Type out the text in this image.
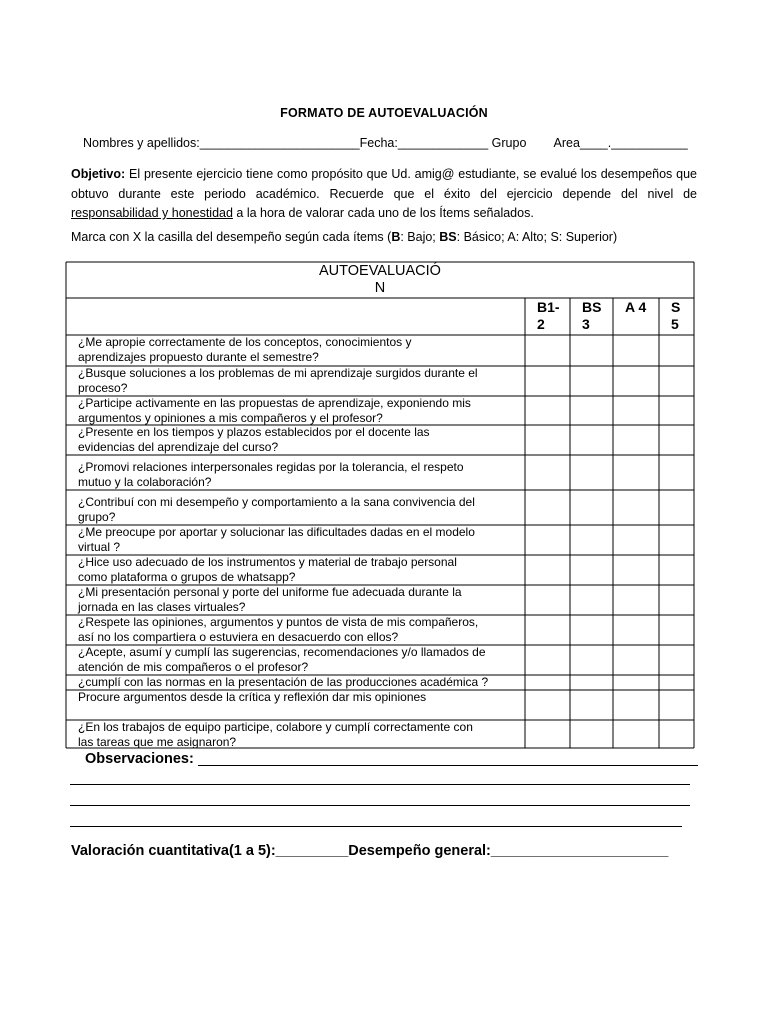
FORMATO DE AUTOEVALUACIÓN
Nombres y apellidos:_______________________Fecha:_____________ Grupo        Area____.___________
Objetivo: El presente ejercicio tiene como propósito que Ud. amig@ estudiante, se evalué los desempeños que obtuvo durante este periodo académico. Recuerde que el éxito del ejercicio depende del nivel de responsabilidad y honestidad a la hora de valorar cada uno de los Ítems señalados.
Marca con X la casilla del desempeño según cada ítems (B: Bajo; BS: Básico; A: Alto; S: Superior)
AUTOEVALUACIÓ
N
B1-
2
BS
3
A 4 S
5
¿Me apropie correctamente de los conceptos, conocimientos y
aprendizajes propuesto durante el semestre?
¿Busque soluciones a los problemas de mi aprendizaje surgidos durante el
proceso?
¿Participe activamente en las propuestas de aprendizaje, exponiendo mis
argumentos y opiniones a mis compañeros y el profesor?
¿Presente en los tiempos y plazos establecidos por el docente las
evidencias del aprendizaje del curso?
¿Promovi relaciones interpersonales regidas por la tolerancia, el respeto
mutuo y la colaboración?
¿Contribuí con mi desempeño y comportamiento a la sana convivencia del
grupo?
¿Me preocupe por aportar y solucionar las dificultades dadas en el modelo
virtual ?
¿Hice uso adecuado de los instrumentos y material de trabajo personal
como plataforma o grupos de whatsapp?
¿Mi presentación personal y porte del uniforme fue adecuada durante la
jornada en las clases virtuales?
¿Respete las opiniones, argumentos y puntos de vista de mis compañeros,
así no los compartiera o estuviera en desacuerdo con ellos?
¿Acepte, asumí y cumplí las sugerencias, recomendaciones y/o llamados de
atención de mis compañeros o el profesor?
¿cumplí con las normas en la presentación de las producciones académica ?
Procure argumentos desde la crítica y reflexión dar mis opiniones
¿En los trabajos de equipo participe, colabore y cumplí correctamente con
las tareas que me asignaron?
Observaciones:
Valoración cuantitativa(1 a 5):_________Desempeño general:______________________
